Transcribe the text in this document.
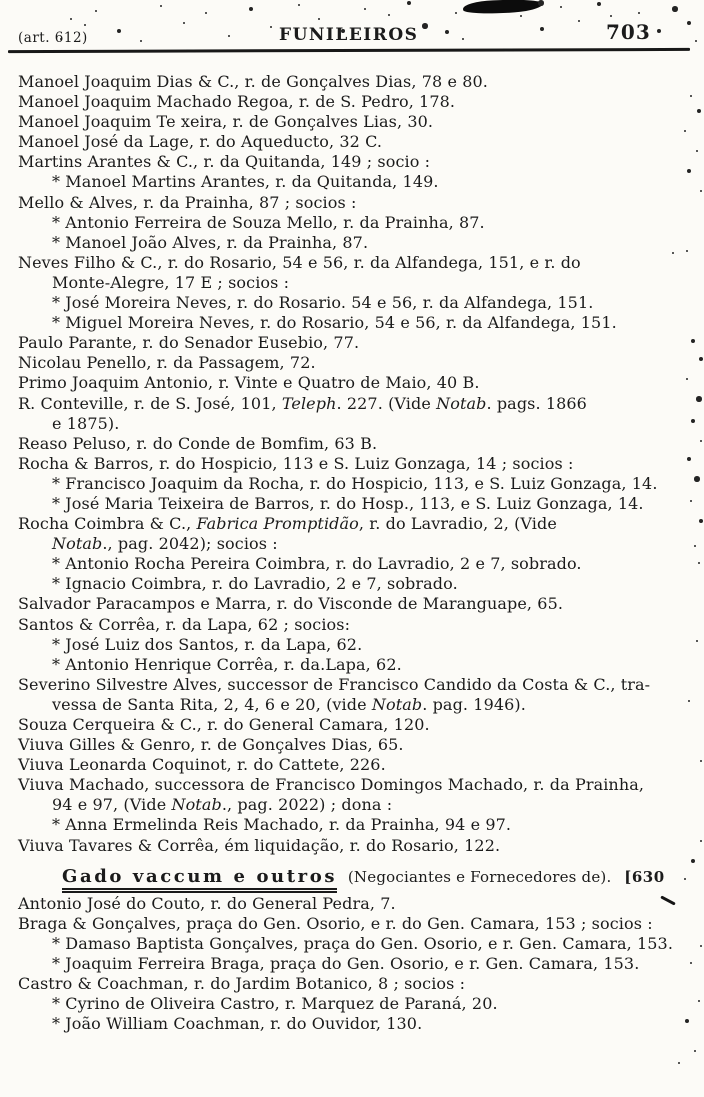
(art. 612)	FUNILEIROS	703
Manoel Joaquim Dias & C., r. de Gonçalves Dias, 78 e 80.
Manoel Joaquim Machado Regoa, r. de S. Pedro, 178.
Manoel Joaquim Te xeira, r. de Gonçalves Lias, 30.
Manoel José da Lage, r. do Aqueducto, 32 C.
Martins Arantes & C., r. da Quitanda, 149 ; socio :
* Manoel Martins Arantes, r. da Quitanda, 149.
Mello & Alves, r. da Prainha, 87 ; socios :
* Antonio Ferreira de Souza Mello, r. da Prainha, 87.
* Manoel João Alves, r. da Prainha, 87.
Neves Filho & C., r. do Rosario, 54 e 56, r. da Alfandega, 151, e r. do
Monte-Alegre, 17 E ; socios :
* José Moreira Neves, r. do Rosario. 54 e 56, r. da Alfandega, 151.
* Miguel Moreira Neves, r. do Rosario, 54 e 56, r. da Alfandega, 151.
Paulo Parante, r. do Senador Eusebio, 77.
Nicolau Penello, r. da Passagem, 72.
Primo Joaquim Antonio, r. Vinte e Quatro de Maio, 40 B.
R. Conteville, r. de S. José, 101, Teleph. 227. (Vide Notab. pags. 1866
e 1875).
Reaso Peluso, r. do Conde de Bomfim, 63 B.
Rocha & Barros, r. do Hospicio, 113 e S. Luiz Gonzaga, 14 ; socios :
* Francisco Joaquim da Rocha, r. do Hospicio, 113, e S. Luiz Gonzaga, 14.
* José Maria Teixeira de Barros, r. do Hosp., 113, e S. Luiz Gonzaga, 14.
Rocha Coimbra & C., Fabrica Promptidão, r. do Lavradio, 2, (Vide
Notab., pag. 2042); socios :
* Antonio Rocha Pereira Coimbra, r. do Lavradio, 2 e 7, sobrado.
* Ignacio Coimbra, r. do Lavradio, 2 e 7, sobrado.
Salvador Paracampos e Marra, r. do Visconde de Maranguape, 65.
Santos & Corrêa, r. da Lapa, 62 ; socios:
* José Luiz dos Santos, r. da Lapa, 62.
* Antonio Henrique Corrêa, r. da.Lapa, 62.
Severino Silvestre Alves, successor de Francisco Candido da Costa & C., tra-
vessa de Santa Rita, 2, 4, 6 e 20, (vide Notab. pag. 1946).
Souza Cerqueira & C., r. do General Camara, 120.
Viuva Gilles & Genro, r. de Gonçalves Dias, 65.
Viuva Leonarda Coquinot, r. do Cattete, 226.
Viuva Machado, successora de Francisco Domingos Machado, r. da Prainha,
94 e 97, (Vide Notab., pag. 2022) ; dona :
* Anna Ermelinda Reis Machado, r. da Prainha, 94 e 97.
Viuva Tavares & Corrêa, ém liquidação, r. do Rosario, 122.
Gado vaccum e outros (Negociantes e Fornecedores de). [630
Antonio José do Couto, r. do General Pedra, 7.
Braga & Gonçalves, praça do Gen. Osorio, e r. do Gen. Camara, 153 ; socios :
* Damaso Baptista Gonçalves, praça do Gen. Osorio, e r. Gen. Camara, 153.
* Joaquim Ferreira Braga, praça do Gen. Osorio, e r. Gen. Camara, 153.
Castro & Coachman, r. do Jardim Botanico, 8 ; socios :
* Cyrino de Oliveira Castro, r. Marquez de Paraná, 20.
* João William Coachman, r. do Ouvidor, 130.
